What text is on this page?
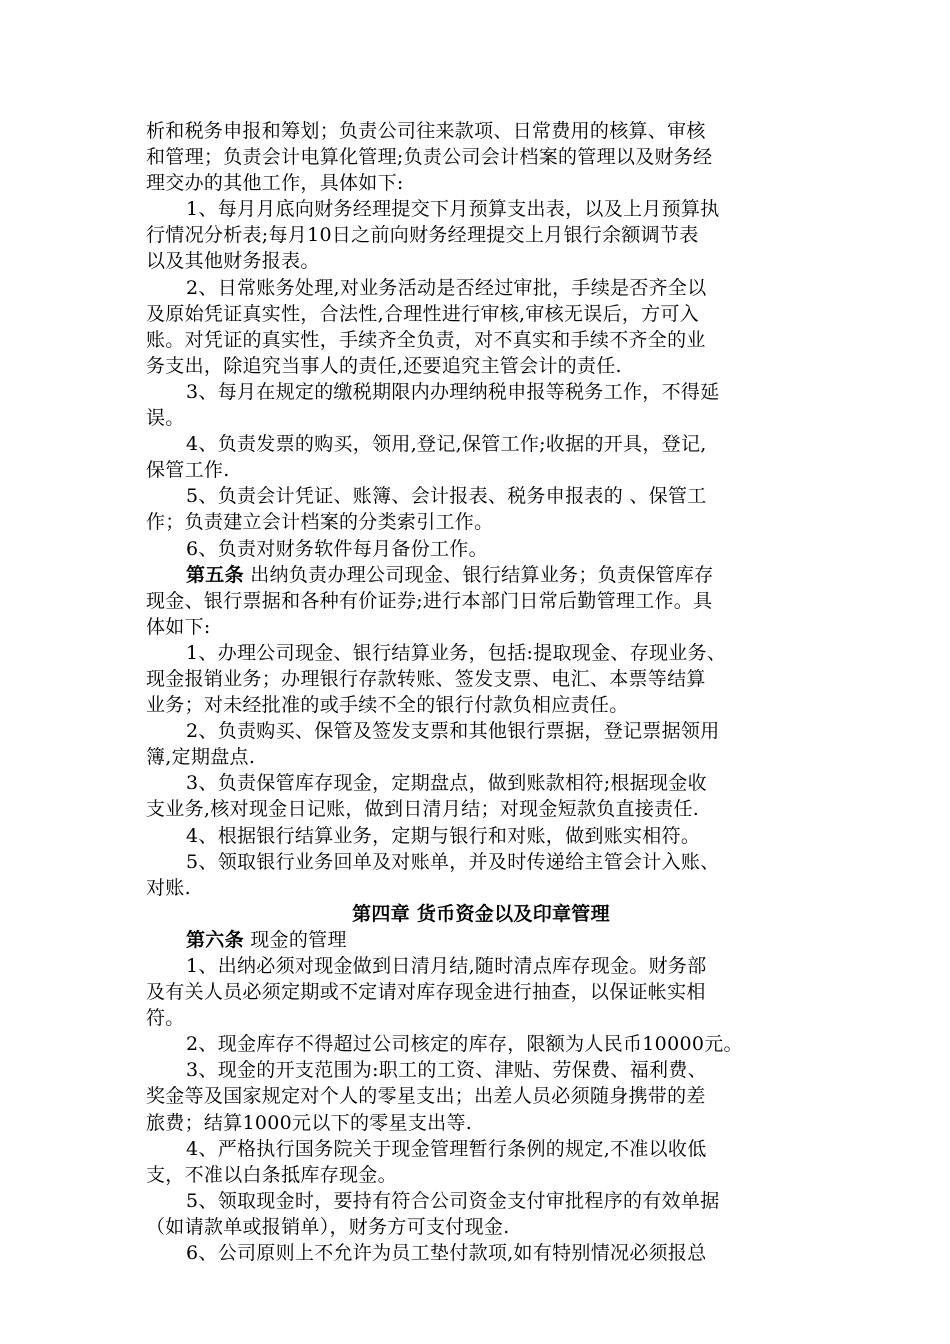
析和税务申报和筹划；负责公司往来款项、日常费用的核算、审核
和管理；负责会计电算化管理;负责公司会计档案的管理以及财务经
理交办的其他工作，具体如下:
1、每月月底向财务经理提交下月预算支出表，以及上月预算执
行情况分析表;每月10日之前向财务经理提交上月银行余额调节表
以及其他财务报表。
2、日常账务处理,对业务活动是否经过审批，手续是否齐全以
及原始凭证真实性，合法性,合理性进行审核,审核无误后，方可入
账。对凭证的真实性，手续齐全负责，对不真实和手续不齐全的业
务支出，除追究当事人的责任,还要追究主管会计的责任.
3、每月在规定的缴税期限内办理纳税申报等税务工作，不得延
误。
4、负责发票的购买，领用,登记,保管工作;收据的开具，登记,
保管工作.
5、负责会计凭证、账簿、会计报表、税务申报表的 、保管工
作；负责建立会计档案的分类索引工作。
6、负责对财务软件每月备份工作。
第五条 出纳负责办理公司现金、银行结算业务；负责保管库存
现金、银行票据和各种有价证券;进行本部门日常后勤管理工作。具
体如下:
1、办理公司现金、银行结算业务，包括:提取现金、存现业务、
现金报销业务；办理银行存款转账、签发支票、电汇、本票等结算
业务；对未经批准的或手续不全的银行付款负相应责任。
2、负责购买、保管及签发支票和其他银行票据，登记票据领用
簿,定期盘点.
3、负责保管库存现金，定期盘点，做到账款相符;根据现金收
支业务,核对现金日记账，做到日清月结；对现金短款负直接责任.
4、根据银行结算业务，定期与银行和对账，做到账实相符。
5、领取银行业务回单及对账单，并及时传递给主管会计入账、
对账.
第四章 货币资金以及印章管理
第六条 现金的管理
1、出纳必须对现金做到日清月结,随时清点库存现金。财务部
及有关人员必须定期或不定请对库存现金进行抽查，以保证帐实相
符。
2、现金库存不得超过公司核定的库存，限额为人民币10000元。
3、现金的开支范围为:职工的工资、津贴、劳保费、福利费、
奖金等及国家规定对个人的零星支出；出差人员必须随身携带的差
旅费；结算1000元以下的零星支出等.
4、严格执行国务院关于现金管理暂行条例的规定,不准以收低
支，不准以白条抵库存现金。
5、领取现金时，要持有符合公司资金支付审批程序的有效单据
（如请款单或报销单），财务方可支付现金.
6、公司原则上不允许为员工垫付款项,如有特别情况必须报总
